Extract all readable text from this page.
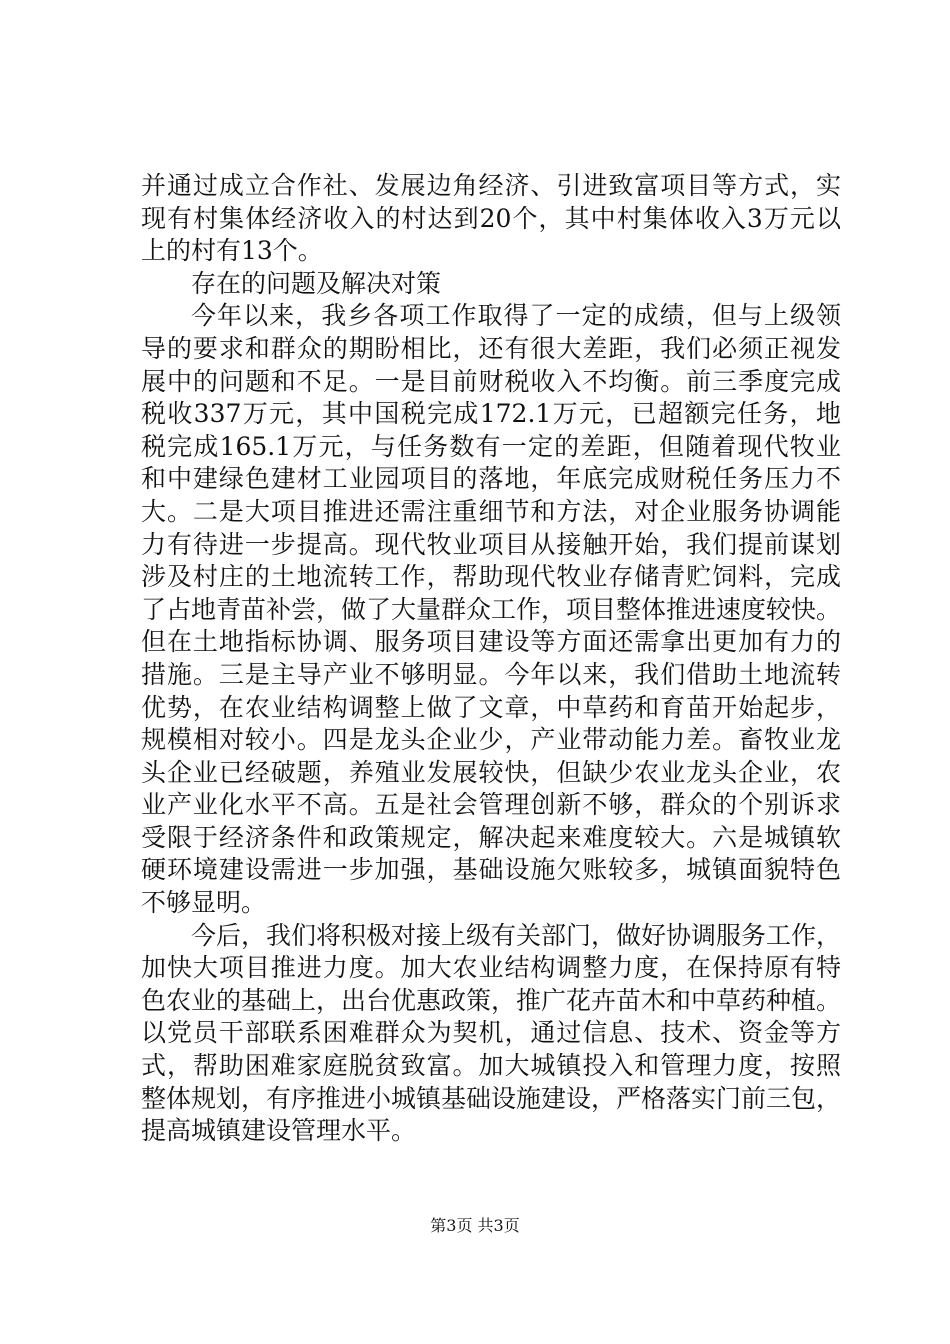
并通过成立合作社、发展边角经济、引进致富项目等方式，实
现有村集体经济收入的村达到20个，其中村集体收入3万元以
上的村有13个。
存在的问题及解决对策
今年以来，我乡各项工作取得了一定的成绩，但与上级领
导的要求和群众的期盼相比，还有很大差距，我们必须正视发
展中的问题和不足。一是目前财税收入不均衡。前三季度完成
税收337万元，其中国税完成172.1万元，已超额完任务，地
税完成165.1万元，与任务数有一定的差距，但随着现代牧业
和中建绿色建材工业园项目的落地，年底完成财税任务压力不
大。二是大项目推进还需注重细节和方法，对企业服务协调能
力有待进一步提高。现代牧业项目从接触开始，我们提前谋划
涉及村庄的土地流转工作，帮助现代牧业存储青贮饲料，完成
了占地青苗补尝，做了大量群众工作，项目整体推进速度较快。
但在土地指标协调、服务项目建设等方面还需拿出更加有力的
措施。三是主导产业不够明显。今年以来，我们借助土地流转
优势，在农业结构调整上做了文章，中草药和育苗开始起步，
规模相对较小。四是龙头企业少，产业带动能力差。畜牧业龙
头企业已经破题，养殖业发展较快，但缺少农业龙头企业，农
业产业化水平不高。五是社会管理创新不够，群众的个别诉求
受限于经济条件和政策规定，解决起来难度较大。六是城镇软
硬环境建设需进一步加强，基础设施欠账较多，城镇面貌特色
不够显明。
今后，我们将积极对接上级有关部门，做好协调服务工作，
加快大项目推进力度。加大农业结构调整力度，在保持原有特
色农业的基础上，出台优惠政策，推广花卉苗木和中草药种植。
以党员干部联系困难群众为契机，通过信息、技术、资金等方
式，帮助困难家庭脱贫致富。加大城镇投入和管理力度，按照
整体规划，有序推进小城镇基础设施建设，严格落实门前三包，
提高城镇建设管理水平。
第3页 共3页
